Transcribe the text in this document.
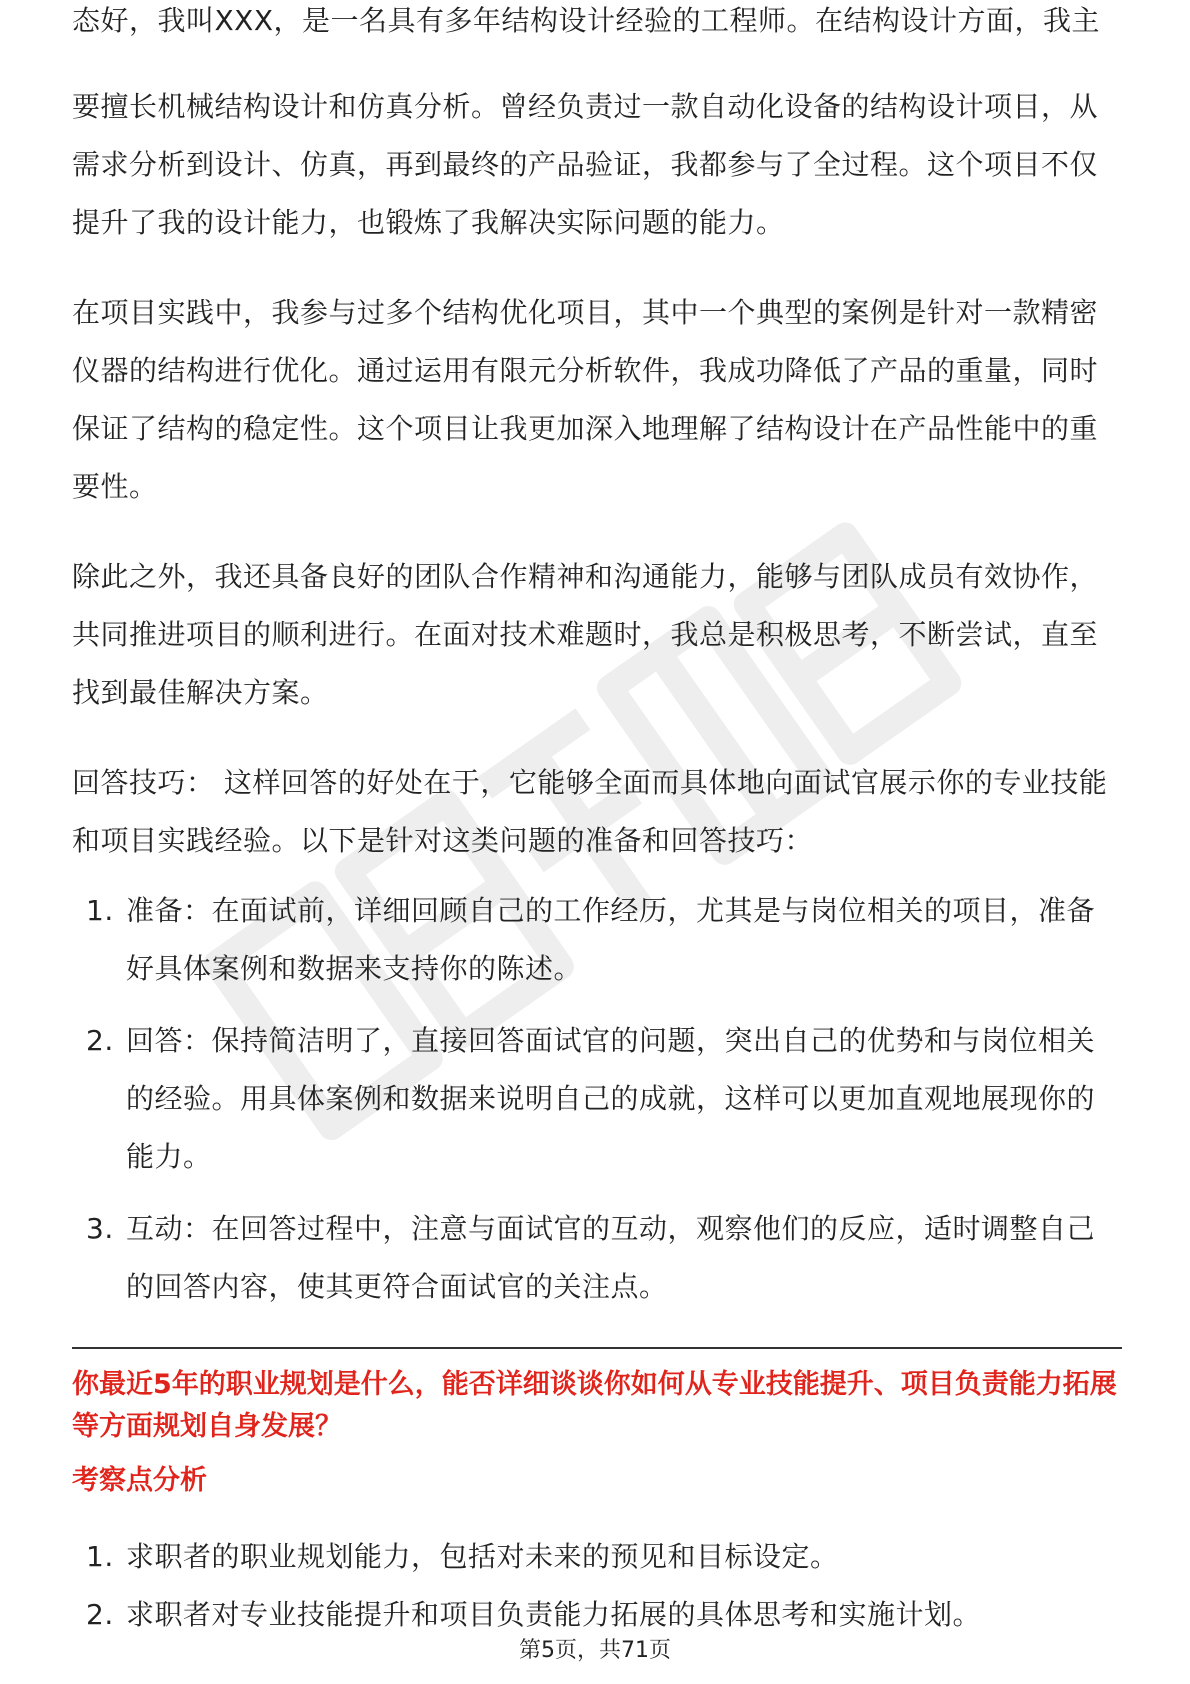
态好，我叫XXX，是一名具有多年结构设计经验的工程师。在结构设计方面，我主

要擅长机械结构设计和仿真分析。曾经负责过一款自动化设备的结构设计项目，从需求分析到设计、仿真，再到最终的产品验证，我都参与了全过程。这个项目不仅提升了我的设计能力，也锻炼了我解决实际问题的能力。

在项目实践中，我参与过多个结构优化项目，其中一个典型的案例是针对一款精密仪器的结构进行优化。通过运用有限元分析软件，我成功降低了产品的重量，同时保证了结构的稳定性。这个项目让我更加深入地理解了结构设计在产品性能中的重要性。

除此之外，我还具备良好的团队合作精神和沟通能力，能够与团队成员有效协作，共同推进项目的顺利进行。在面对技术难题时，我总是积极思考，不断尝试，直至找到最佳解决方案。

回答技巧： 这样回答的好处在于，它能够全面而具体地向面试官展示你的专业技能和项目实践经验。以下是针对这类问题的准备和回答技巧：

1. 准备：在面试前，详细回顾自己的工作经历，尤其是与岗位相关的项目，准备好具体案例和数据来支持你的陈述。
2. 回答：保持简洁明了，直接回答面试官的问题，突出自己的优势和与岗位相关的经验。用具体案例和数据来说明自己的成就，这样可以更加直观地展现你的能力。
3. 互动：在回答过程中，注意与面试官的互动，观察他们的反应，适时调整自己的回答内容，使其更符合面试官的关注点。
你最近5年的职业规划是什么，能否详细谈谈你如何从专业技能提升、项目负责能力拓展等方面规划自身发展？
考察点分析
1. 求职者的职业规划能力，包括对未来的预见和目标设定。
2. 求职者对专业技能提升和项目负责能力拓展的具体思考和实施计划。
第5页，共71页
